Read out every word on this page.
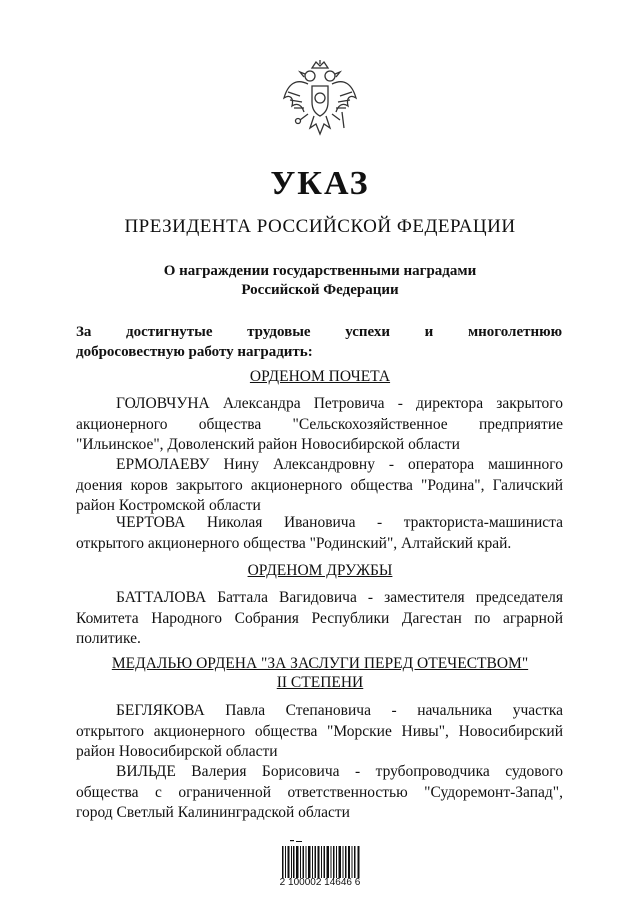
УКАЗ
ПРЕЗИДЕНТА РОССИЙСКОЙ ФЕДЕРАЦИИ
О награждении государственными наградами
Российской Федерации
За достигнутые трудовые успехи и многолетнюю
добросовестную работу наградить:
ОРДЕНОМ ПОЧЕТА
ГОЛОВЧУНА Александра Петровича - директора закрытого
акционерного общества "Сельскохозяйственное предприятие
"Ильинское", Доволенский район Новосибирской области
ЕРМОЛАЕВУ Нину Александровну - оператора машинного
доения коров закрытого акционерного общества "Родина", Галичский
район Костромской области
ЧЕРТОВА Николая Ивановича - тракториста-машиниста
открытого акционерного общества "Родинский", Алтайский край.
ОРДЕНОМ ДРУЖБЫ
БАТТАЛОВА Баттала Вагидовича - заместителя председателя
Комитета Народного Собрания Республики Дагестан по аграрной
политике.
МЕДАЛЬЮ ОРДЕНА "ЗА ЗАСЛУГИ ПЕРЕД ОТЕЧЕСТВОМ"
II СТЕПЕНИ
БЕГЛЯКОВА Павла Степановича - начальника участка
открытого акционерного общества "Морские Нивы", Новосибирский
район Новосибирской области
ВИЛЬДЕ Валерия Борисовича - трубопроводчика судового
общества с ограниченной ответственностью "Судоремонт-Запад",
город Светлый Калининградской области
2 100002 14646 6
